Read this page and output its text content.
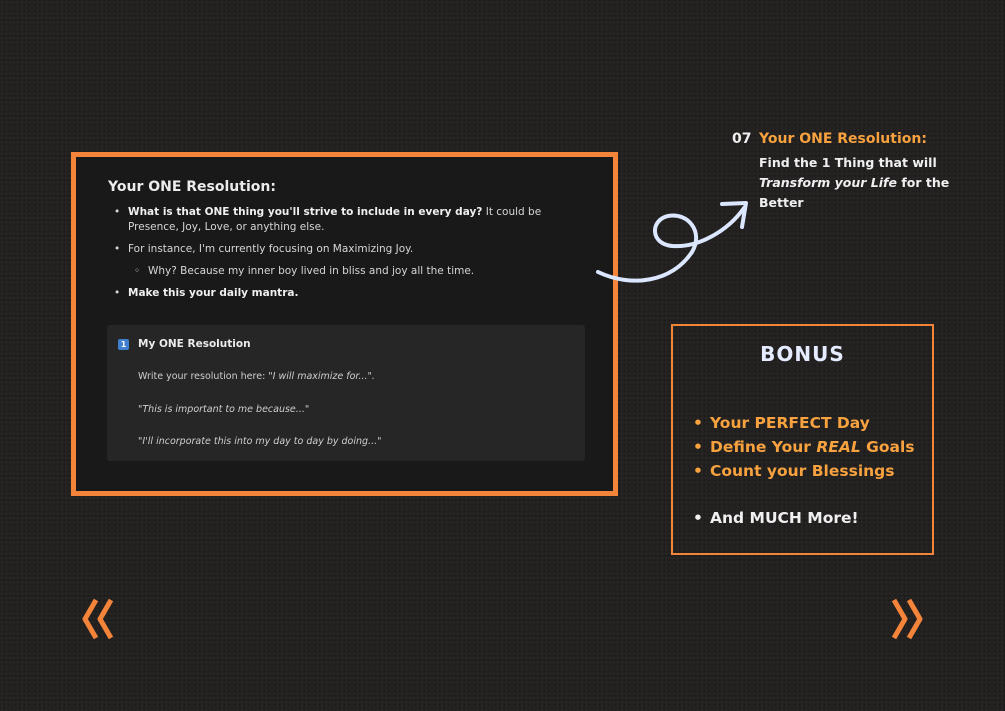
Your ONE Resolution:
• What is that ONE thing you'll strive to include in every day? It could be Presence, Joy, Love, or anything else.
• For instance, I'm currently focusing on Maximizing Joy.
◦ Why? Because my inner boy lived in bliss and joy all the time.
• Make this your daily mantra.
1 My ONE Resolution
Write your resolution here: "I will maximize for...".
"This is important to me because..."
"I'll incorporate this into my day to day by doing..."
07 Your ONE Resolution:
Find the 1 Thing that will Transform your Life for the Better
BONUS
• Your PERFECT Day
• Define Your REAL Goals
• Count your Blessings
• And MUCH More!
